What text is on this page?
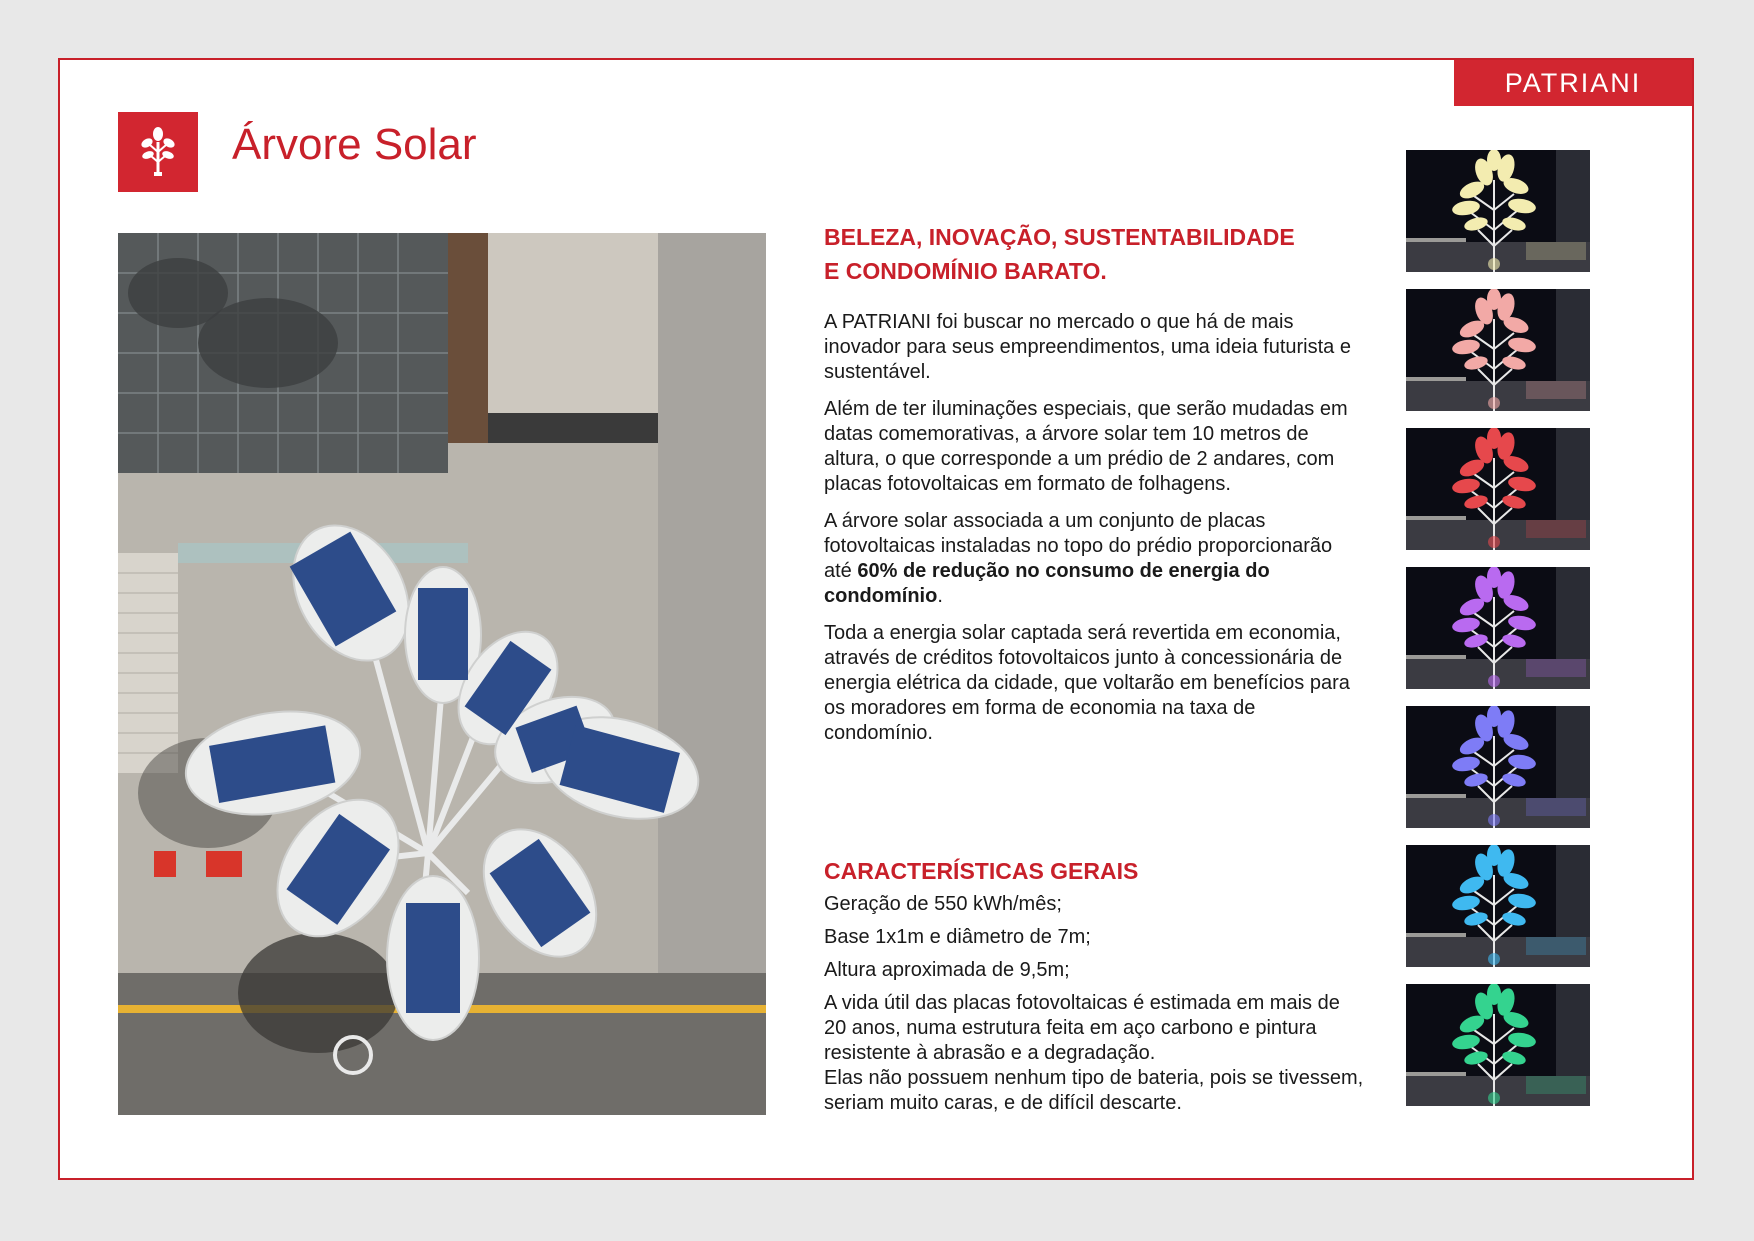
PATRIANI
Árvore Solar
BELEZA, INOVAÇÃO, SUSTENTABILIDADE
E CONDOMÍNIO BARATO.

A PATRIANI foi buscar no mercado o que há de mais inovador para seus empreendimentos, uma ideia futurista e sustentável.

Além de ter iluminações especiais, que serão mudadas em datas comemorativas, a árvore solar tem 10 metros de altura, o que corresponde a um prédio de 2 andares, com placas fotovoltaicas em formato de folhagens.

A árvore solar associada a um conjunto de placas fotovoltaicas instaladas no topo do prédio proporcionarão até 60% de redução no consumo de energia do condomínio.

Toda a energia solar captada será revertida em economia, através de créditos fotovoltaicos junto à concessionária de energia elétrica da cidade, que voltarão em benefícios para os moradores em forma de economia na taxa de condomínio.

CARACTERÍSTICAS GERAIS

Geração de 550 kWh/mês;

Base 1x1m e diâmetro de 7m;

Altura aproximada de 9,5m;

A vida útil das placas fotovoltaicas é estimada em mais de 20 anos, numa estrutura feita em aço carbono e pintura resistente à abrasão e a degradação.

Elas não possuem nenhum tipo de bateria, pois se tivessem, seriam muito caras, e de difícil descarte.
